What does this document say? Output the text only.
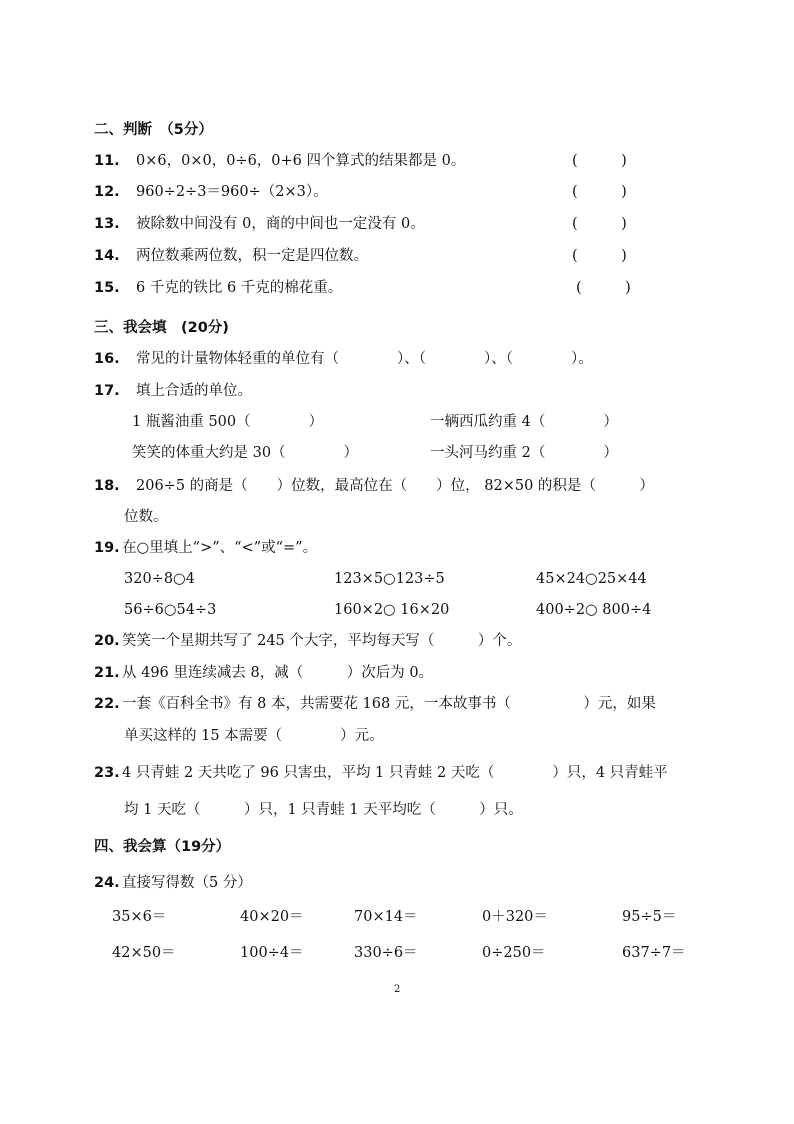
二、判断　（5分）
11. 0×6，0×0，0÷6，0+6 四个算式的结果都是 0。	(　　　)
12. 960÷2÷3＝960÷（2×3）。	(　　　)
13. 被除数中间没有 0，商的中间也一定没有 0。	(　　　)
14. 两位数乘两位数，积一定是四位数。	(　　　)
15. 6 千克的铁比 6 千克的棉花重。	(　　　)
三、我会填　(20分)
16. 常见的计量物体轻重的单位有（　　　　）、（　　　　）、（　　　　）。
17. 填上合适的单位。
1 瓶酱油重 500（　　　　）	一辆西瓜约重 4（　　　　）
笑笑的体重大约是 30（　　　　）	一头河马约重 2（　　　　）
18. 206÷5 的商是（　　）位数，最高位在（　　）位， 82×50 的积是（　　　）
位数。
19. 在○里填上“>”、“<”或“=”。
320÷8○4	123×5○123÷5	45×24○25×44
56÷6○54÷3	160×2○ 16×20	400÷2○ 800÷4
20. 笑笑一个星期共写了 245 个大字，平均每天写（　　　）个。
21. 从 496 里连续减去 8，减（　　　）次后为 0。
22. 一套《百科全书》有 8 本，共需要花 168 元，一本故事书（　　　　　）元，如果
单买这样的 15 本需要（　　　　）元。
23. 4 只青蛙 2 天共吃了 96 只害虫，平均 1 只青蛙 2 天吃（　　　　）只，4 只青蛙平
均 1 天吃（　　　）只，1 只青蛙 1 天平均吃（　　　）只。
四、我会算（19分）
24. 直接写得数（5 分）
35×6＝	40×20＝	70×14＝	0＋320＝	95÷5＝
42×50＝	100÷4＝	330÷6＝	0÷250＝	637÷7＝
2
